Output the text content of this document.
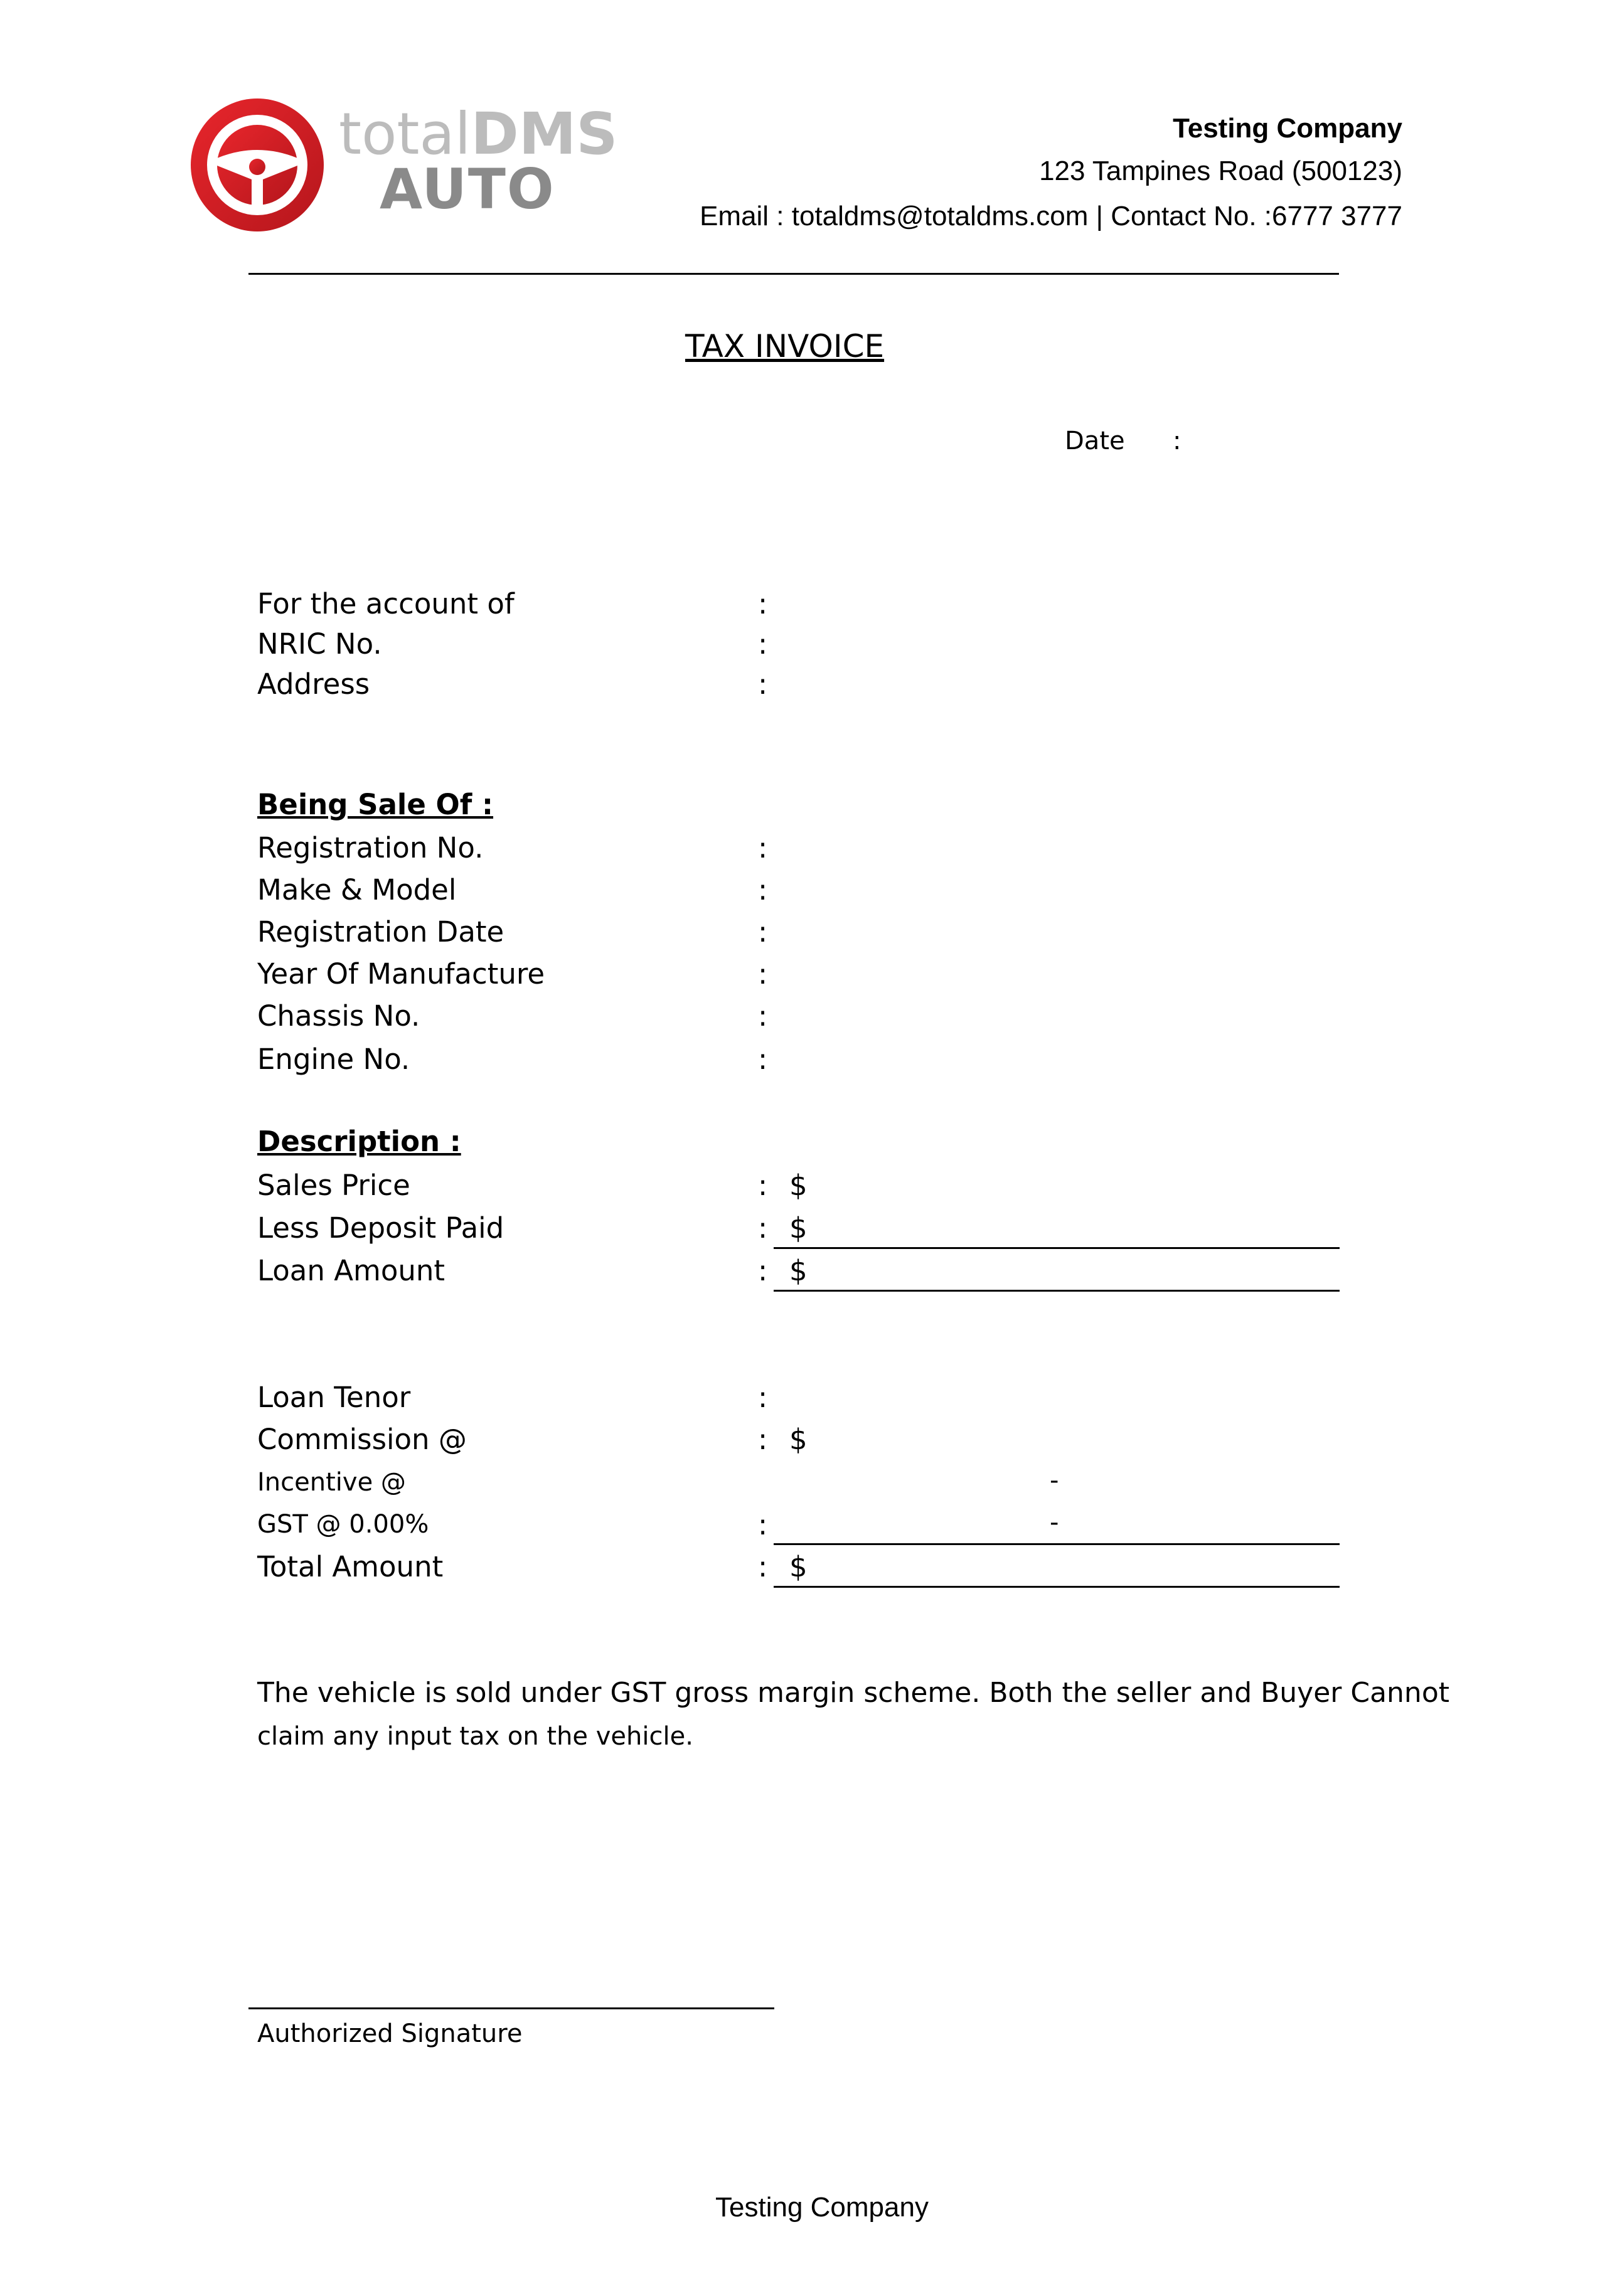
totalDMS
AUTO
Testing Company
123 Tampines Road (500123)
Email : totaldms@totaldms.com | Contact No. :6777 3777
TAX INVOICE
Date :
For the account of	:
NRIC No.	:
Address	:
Being Sale Of :
Registration No.	:
Make & Model	:
Registration Date	:
Year Of Manufacture	:
Chassis No.	:
Engine No.	:
Description :
Sales Price	: $
Less Deposit Paid	: $
Loan Amount	: $
Loan Tenor	:
Commission @	: $
Incentive @	-
GST @ 0.00%	:	-
Total Amount	: $
The vehicle is sold under GST gross margin scheme. Both the seller and Buyer Cannot
claim any input tax on the vehicle.
Authorized Signature
Testing Company
